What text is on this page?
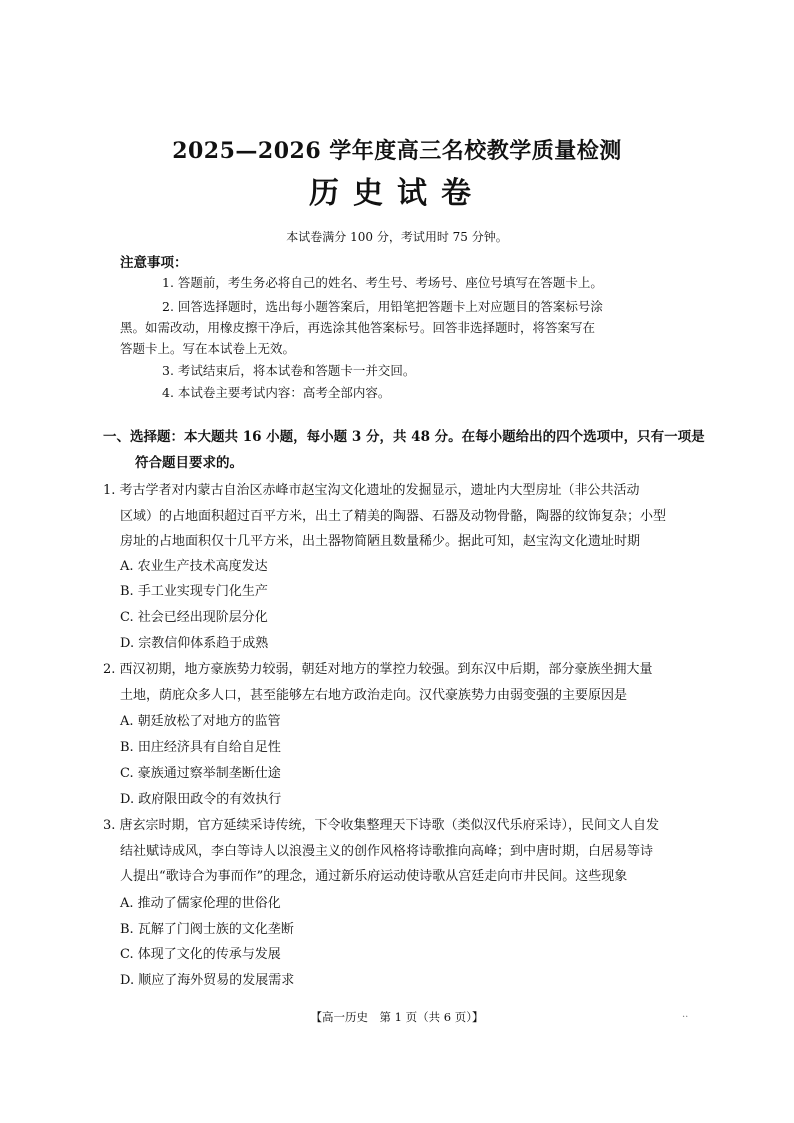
2025—2026 学年度高三名校教学质量检测
历史试卷
本试卷满分 100 分，考试用时 75 分钟。
注意事项：
1. 答题前，考生务必将自己的姓名、考生号、考场号、座位号填写在答题卡上。
2. 回答选择题时，选出每小题答案后，用铅笔把答题卡上对应题目的答案标号涂
黑。如需改动，用橡皮擦干净后，再选涂其他答案标号。回答非选择题时，将答案写在
答题卡上。写在本试卷上无效。
3. 考试结束后，将本试卷和答题卡一并交回。
4. 本试卷主要考试内容：高考全部内容。
一、选择题：本大题共 16 小题，每小题 3 分，共 48 分。在每小题给出的四个选项中，只有一项是
符合题目要求的。
1. 考古学者对内蒙古自治区赤峰市赵宝沟文化遗址的发掘显示，遗址内大型房址（非公共活动
区域）的占地面积超过百平方米，出土了精美的陶器、石器及动物骨骼，陶器的纹饰复杂；小型
房址的占地面积仅十几平方米，出土器物简陋且数量稀少。据此可知，赵宝沟文化遗址时期
A. 农业生产技术高度发达
B. 手工业实现专门化生产
C. 社会已经出现阶层分化
D. 宗教信仰体系趋于成熟
2. 西汉初期，地方豪族势力较弱，朝廷对地方的掌控力较强。到东汉中后期，部分豪族坐拥大量
土地，荫庇众多人口，甚至能够左右地方政治走向。汉代豪族势力由弱变强的主要原因是
A. 朝廷放松了对地方的监管
B. 田庄经济具有自给自足性
C. 豪族通过察举制垄断仕途
D. 政府限田政令的有效执行
3. 唐玄宗时期，官方延续采诗传统，下令收集整理天下诗歌（类似汉代乐府采诗），民间文人自发
结社赋诗成风，李白等诗人以浪漫主义的创作风格将诗歌推向高峰；到中唐时期，白居易等诗
人提出“歌诗合为事而作”的理念，通过新乐府运动使诗歌从宫廷走向市井民间。这些现象
A. 推动了儒家伦理的世俗化
B. 瓦解了门阀士族的文化垄断
C. 体现了文化的传承与发展
D. 顺应了海外贸易的发展需求
【高一历史　第 1 页（共 6 页）】	..
